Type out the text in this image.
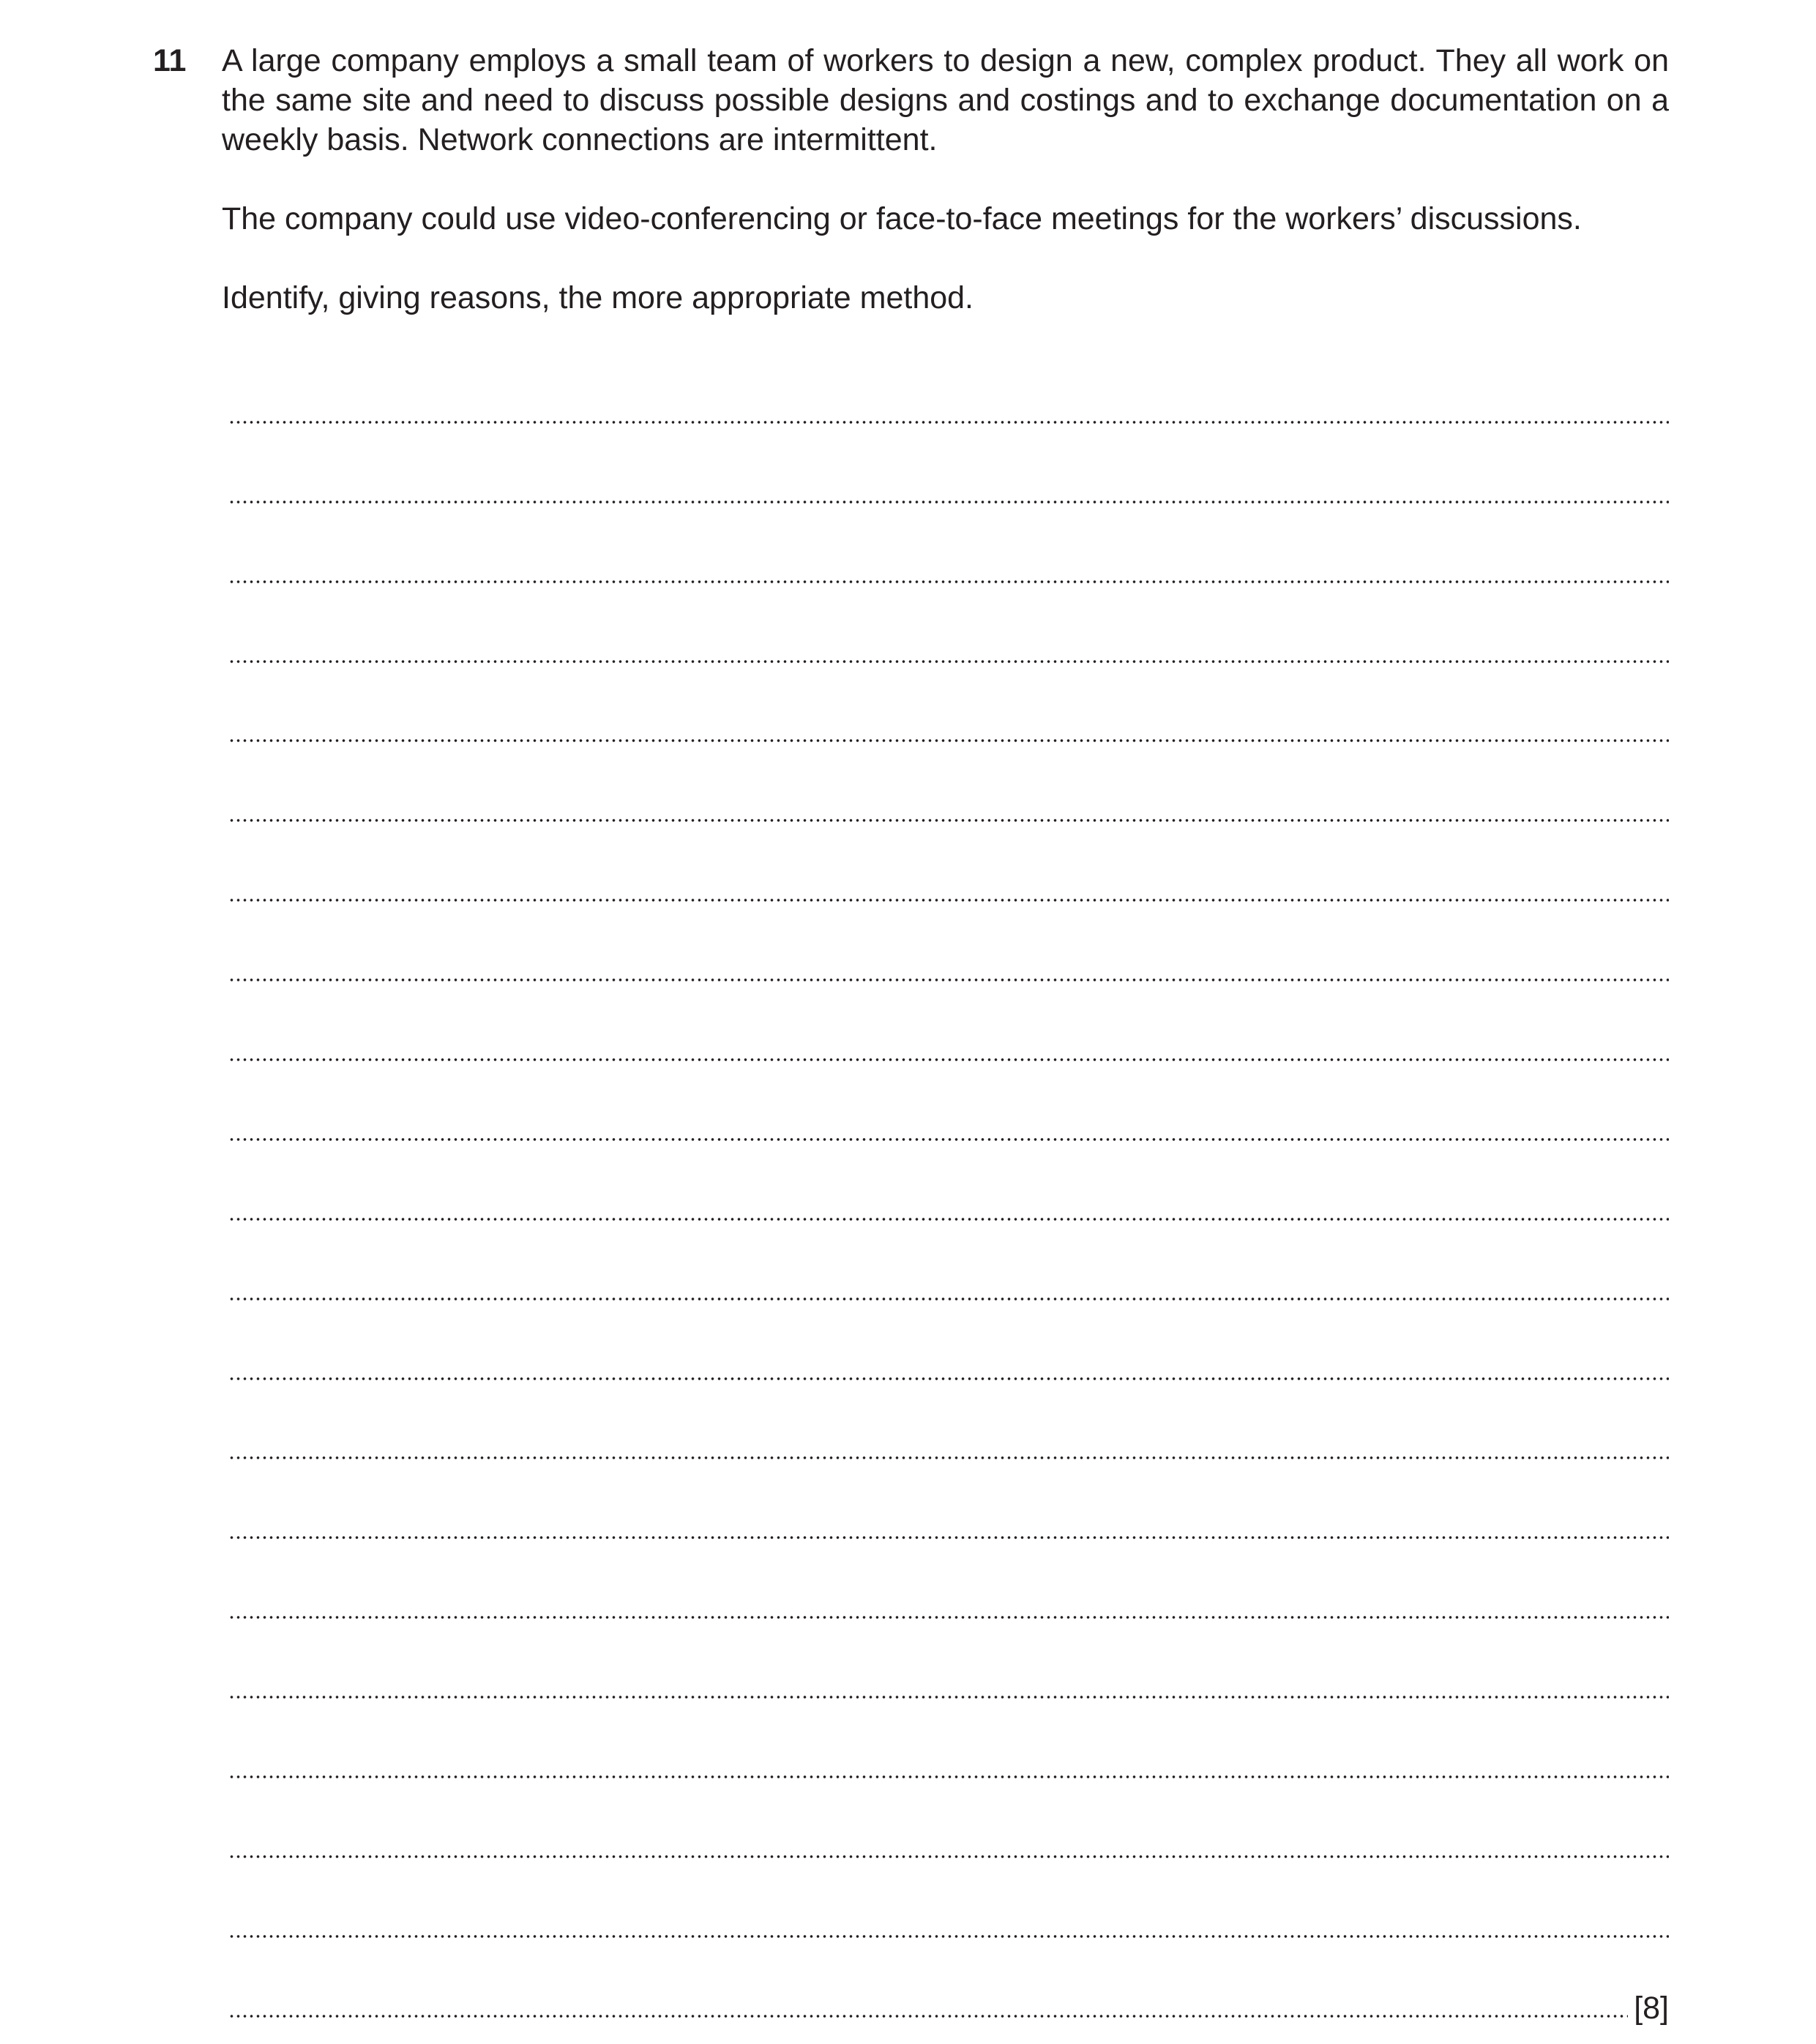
11 A large company employs a small team of workers to design a new, complex product. They all work on the same site and need to discuss possible designs and costings and to exchange documentation on a weekly basis. Network connections are intermittent.

The company could use video-conferencing or face-to-face meetings for the workers’ discussions.

Identify, giving reasons, the more appropriate method.

[8]
